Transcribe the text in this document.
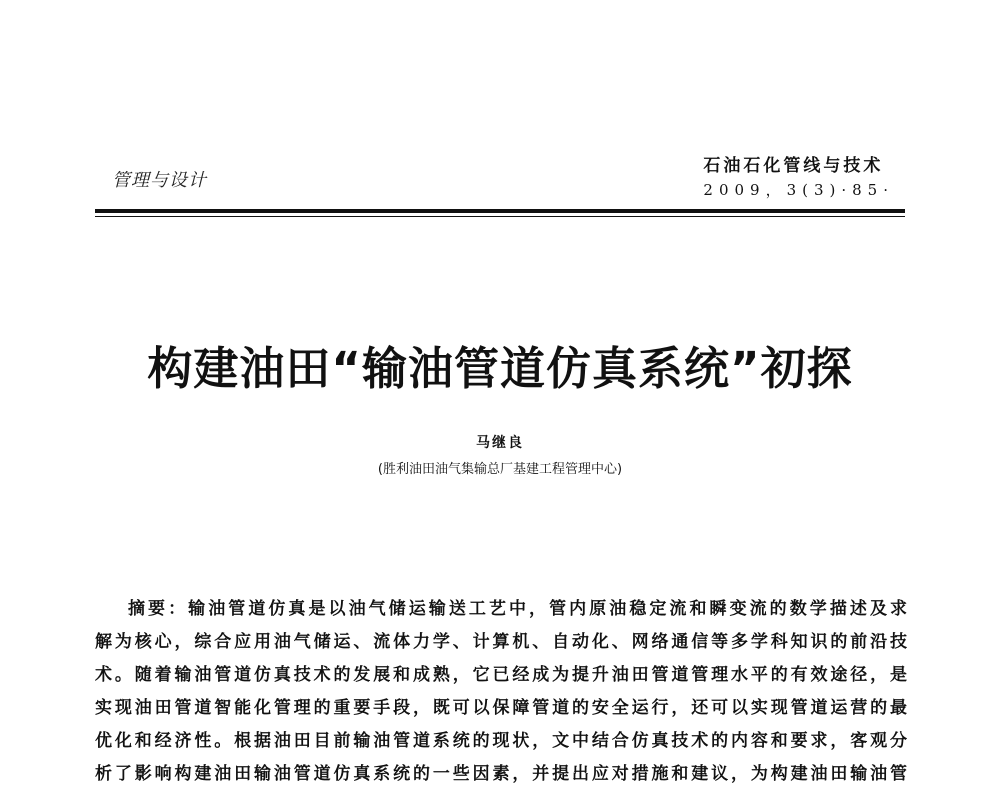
管理与设计
石油石化管线与技术
2009，3(3)·85·
构建油田“输油管道仿真系统”初探
马继良
(胜利油田油气集输总厂基建工程管理中心)
摘要：输油管道仿真是以油气储运输送工艺中，管内原油稳定流和瞬变流的数学描述及求
解为核心，综合应用油气储运、流体力学、计算机、自动化、网络通信等多学科知识的前沿技
术。随着输油管道仿真技术的发展和成熟，它已经成为提升油田管道管理水平的有效途径，是
实现油田管道智能化管理的重要手段，既可以保障管道的安全运行，还可以实现管道运营的最
优化和经济性。根据油田目前输油管道系统的现状，文中结合仿真技术的内容和要求，客观分
析了影响构建油田输油管道仿真系统的一些因素，并提出应对措施和建议，为构建油田输油管
